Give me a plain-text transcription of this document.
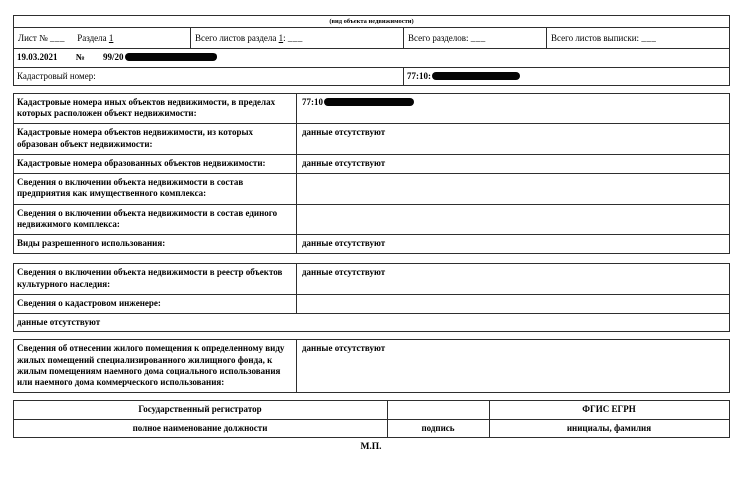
(вид объекта недвижимости)			
Лист № ___ Раздела 1	Всего листов раздела 1: ___	Всего разделов: ___	Всего листов выписки: ___
19.03.2021 № 99/20 9			
Кадастровый номер:		77:10:	
Кадастровые номера иных объектов недвижимости, в пределах которых расположен объект недвижимости:	77:10
Кадастровые номера объектов недвижимости, из которых образован объект недвижимости:	данные отсутствуют
Кадастровые номера образованных объектов недвижимости:	данные отсутствуют
Сведения о включении объекта недвижимости в состав предприятия как имущественного комплекса:	
Сведения о включении объекта недвижимости в состав единого недвижимого комплекса:	
Виды разрешенного использования:	данные отсутствуют
Сведения о включении объекта недвижимости в реестр объектов культурного наследия:	данные отсутствуют
Сведения о кадастровом инженере:	
данные отсутствуют	
Сведения об отнесении жилого помещения к определенному виду жилых помещений специализированного жилищного фонда, к жилым помещениям наемного дома социального использования или наемного дома коммерческого использования:	данные отсутствуют
Государственный регистратор		ФГИС ЕГРН
полное наименование должности	подпись	инициалы, фамилия
М.П.
